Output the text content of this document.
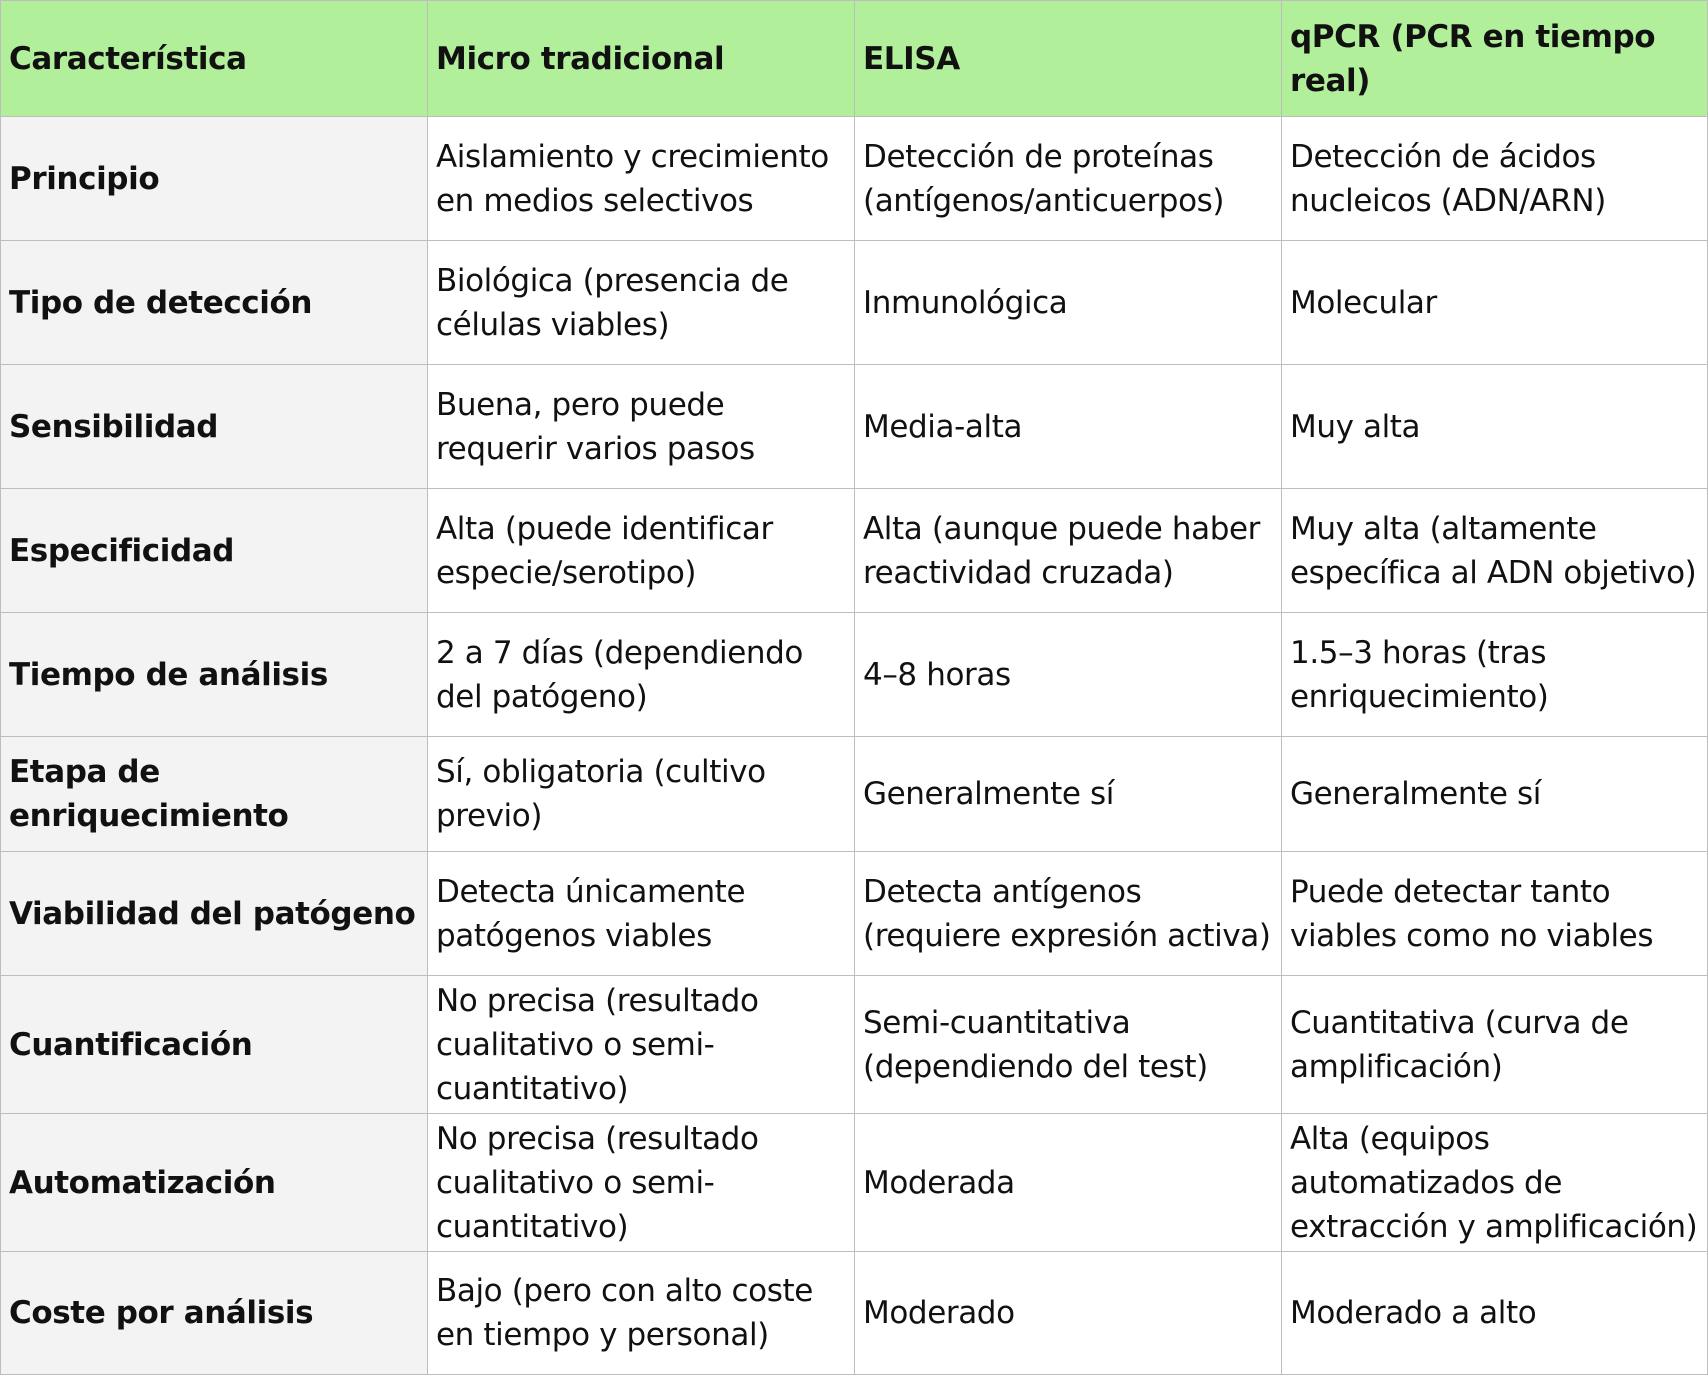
Característica	Micro tradicional	ELISA	qPCR (PCR en tiempo real)
Principio	Aislamiento y crecimiento en medios selectivos	Detección de proteínas (antígenos/anticuerpos)	Detección de ácidos nucleicos (ADN/ARN)
Tipo de detección	Biológica (presencia de células viables)	Inmunológica	Molecular
Sensibilidad	Buena, pero puede requerir varios pasos	Media-alta	Muy alta
Especificidad	Alta (puede identificar especie/serotipo)	Alta (aunque puede haber reactividad cruzada)	Muy alta (altamente específica al ADN objetivo)
Tiempo de análisis	2 a 7 días (dependiendo del patógeno)	4–8 horas	1.5–3 horas (tras enriquecimiento)
Etapa de enriquecimiento	Sí, obligatoria (cultivo previo)	Generalmente sí	Generalmente sí
Viabilidad del patógeno	Detecta únicamente patógenos viables	Detecta antígenos (requiere expresión activa)	Puede detectar tanto viables como no viables
Cuantificación	No precisa (resultado cualitativo o semi-cuantitativo)	Semi-cuantitativa (dependiendo del test)	Cuantitativa (curva de amplificación)
Automatización	No precisa (resultado cualitativo o semi-cuantitativo)	Moderada	Alta (equipos automatizados de extracción y amplificación)
Coste por análisis	Bajo (pero con alto coste en tiempo y personal)	Moderado	Moderado a alto
